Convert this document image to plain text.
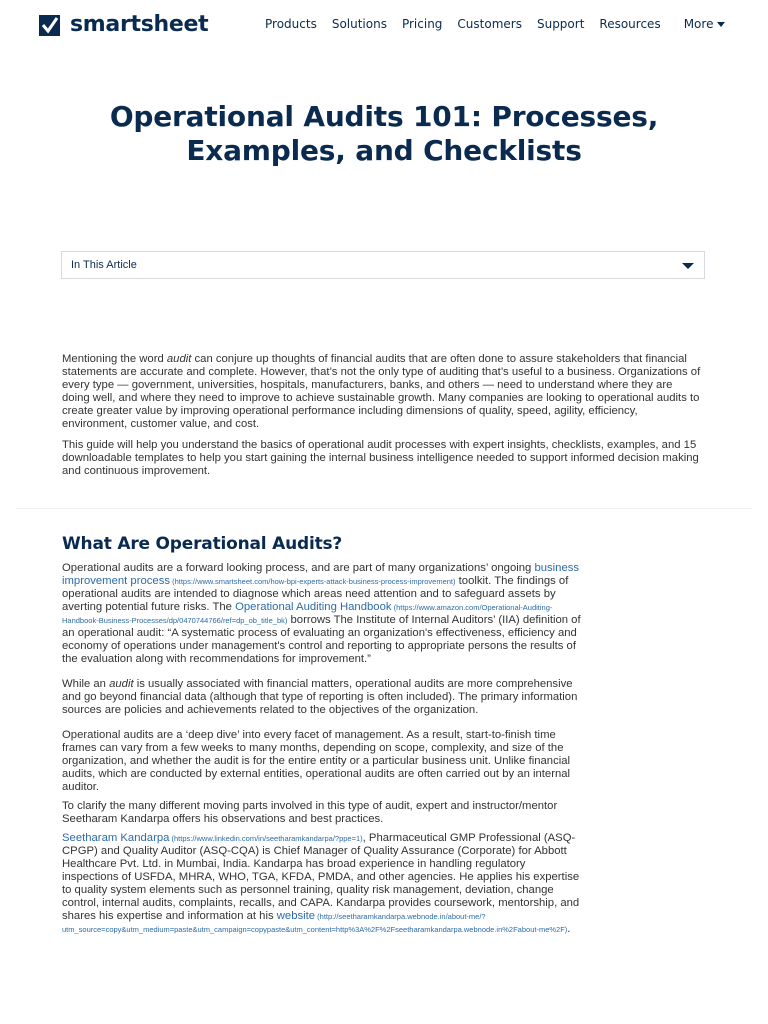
smartsheet	Products Solutions Pricing Customers Support Resources More
Operational Audits 101: Processes, Examples, and Checklists
In This Article

Mentioning the word audit can conjure up thoughts of financial audits that are often done to assure stakeholders that financial statements are accurate and complete. However, that’s not the only type of auditing that’s useful to a business. Organizations of every type — government, universities, hospitals, manufacturers, banks, and others — need to understand where they are doing well, and where they need to improve to achieve sustainable growth. Many companies are looking to operational audits to create greater value by improving operational performance including dimensions of quality, speed, agility, efficiency, environment, customer value, and cost.

This guide will help you understand the basics of operational audit processes with expert insights, checklists, examples, and 15 downloadable templates to help you start gaining the internal business intelligence needed to support informed decision making and continuous improvement.

What Are Operational Audits?

Operational audits are a forward looking process, and are part of many organizations’ ongoing business improvement process (https://www.smartsheet.com/how-bpi-experts-attack-business-process-improvement) toolkit. The findings of operational audits are intended to diagnose which areas need attention and to safeguard assets by averting potential future risks. The Operational Auditing Handbook (https://www.amazon.com/Operational-Auditing-Handbook-Business-Processes/dp/0470744766/ref=dp_ob_title_bk) borrows The Institute of Internal Auditors’ (IIA) definition of an operational audit: “A systematic process of evaluating an organization's effectiveness, efficiency and economy of operations under management's control and reporting to appropriate persons the results of the evaluation along with recommendations for improvement.”

While an audit is usually associated with financial matters, operational audits are more comprehensive and go beyond financial data (although that type of reporting is often included). The primary information sources are policies and achievements related to the objectives of the organization.

Operational audits are a ‘deep dive’ into every facet of management. As a result, start-to-finish time frames can vary from a few weeks to many months, depending on scope, complexity, and size of the organization, and whether the audit is for the entire entity or a particular business unit. Unlike financial audits, which are conducted by external entities, operational audits are often carried out by an internal auditor.

To clarify the many different moving parts involved in this type of audit, expert and instructor/mentor Seetharam Kandarpa offers his observations and best practices.

Seetharam Kandarpa (https://www.linkedin.com/in/seetharamkandarpa/?ppe=1), Pharmaceutical GMP Professional (ASQ-CPGP) and Quality Auditor (ASQ-CQA) is Chief Manager of Quality Assurance (Corporate) for Abbott Healthcare Pvt. Ltd. in Mumbai, India. Kandarpa has broad experience in handling regulatory inspections of USFDA, MHRA, WHO, TGA, KFDA, PMDA, and other agencies. He applies his expertise to quality system elements such as personnel training, quality risk management, deviation, change control, internal audits, complaints, recalls, and CAPA. Kandarpa provides coursework, mentorship, and shares his expertise and information at his website (http://seetharamkandarpa.webnode.in/about-me/?utm_source=copy&utm_medium=paste&utm_campaign=copypaste&utm_content=http%3A%2F%2Fseetharamkandarpa.webnode.in%2Fabout-me%2F).
